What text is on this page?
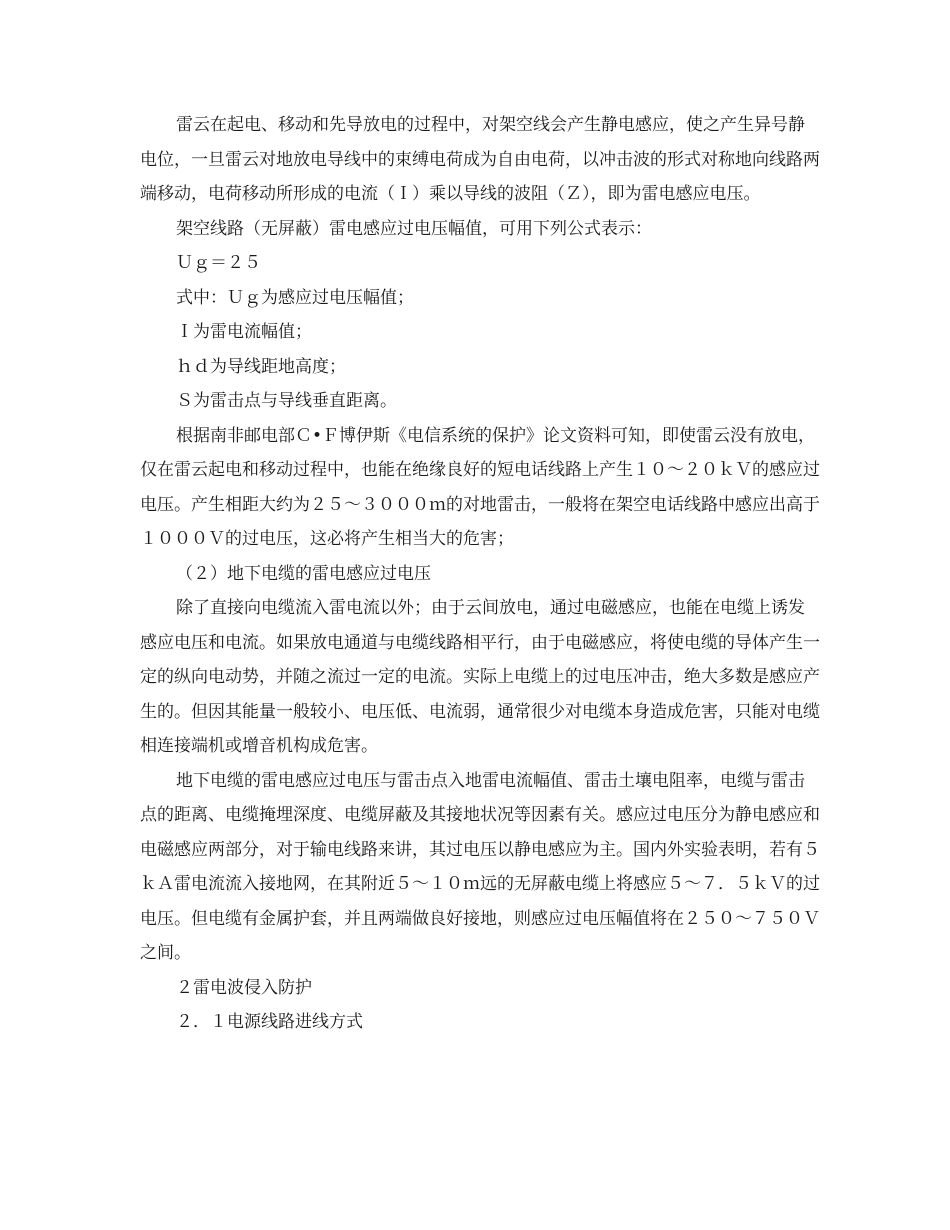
雷云在起电、移动和先导放电的过程中，对架空线会产生静电感应，使之产生异号静电位，一旦雷云对地放电导线中的束缚电荷成为自由电荷，以冲击波的形式对称地向线路两端移动，电荷移动所形成的电流（Ｉ）乘以导线的波阻（Ｚ），即为雷电感应电压。

架空线路（无屏蔽）雷电感应过电压幅值，可用下列公式表示：

Ｕｇ＝２５

式中：Ｕｇ为感应过电压幅值；

Ｉ为雷电流幅值；

ｈｄ为导线距地高度；

Ｓ为雷击点与导线垂直距离。

根据南非邮电部Ｃ•Ｆ博伊斯《电信系统的保护》论文资料可知，即使雷云没有放电，仅在雷云起电和移动过程中，也能在绝缘良好的短电话线路上产生１０～２０ｋＶ的感应过电压。产生相距大约为２５～３０００ｍ的对地雷击，一般将在架空电话线路中感应出高于１０００Ｖ的过电压，这必将产生相当大的危害；

（２）地下电缆的雷电感应过电压

除了直接向电缆流入雷电流以外；由于云间放电，通过电磁感应，也能在电缆上诱发感应电压和电流。如果放电通道与电缆线路相平行，由于电磁感应，将使电缆的导体产生一定的纵向电动势，并随之流过一定的电流。实际上电缆上的过电压冲击，绝大多数是感应产生的。但因其能量一般较小、电压低、电流弱，通常很少对电缆本身造成危害，只能对电缆相连接端机或增音机构成危害。

地下电缆的雷电感应过电压与雷击点入地雷电流幅值、雷击土壤电阻率，电缆与雷击点的距离、电缆掩埋深度、电缆屏蔽及其接地状况等因素有关。感应过电压分为静电感应和电磁感应两部分，对于输电线路来讲，其过电压以静电感应为主。国内外实验表明，若有５ｋＡ雷电流流入接地网，在其附近５～１０ｍ远的无屏蔽电缆上将感应５～７．５ｋＶ的过电压。但电缆有金属护套，并且两端做良好接地，则感应过电压幅值将在２５０～７５０Ｖ之间。

２雷电波侵入防护

２．１电源线路进线方式
